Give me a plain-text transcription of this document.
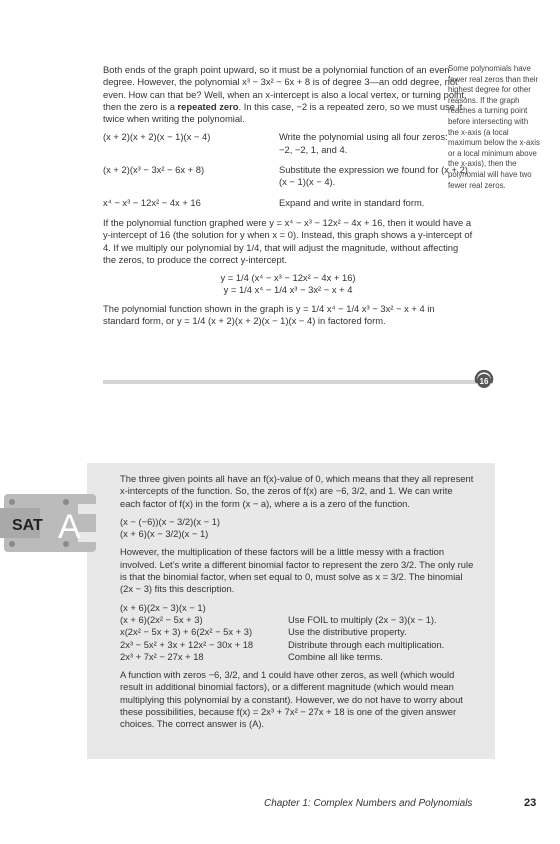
Both ends of the graph point upward, so it must be a polynomial function of an even degree. However, the polynomial x³ − 3x² − 6x + 8 is of degree 3—an odd degree, not even. How can that be? Well, when an x-intercept is also a local vertex, or turning point, then the zero is a repeated zero. In this case, −2 is a repeated zero, so we must use it twice when writing the polynomial.

(x + 2)(x + 2)(x − 1)(x − 4)	Write the polynomial using all four zeros:
−2, −2, 1, and 4.
(x + 2)(x³ − 3x² − 6x + 8)	Substitute the expression we found for (x + 2)(x − 1)(x − 4).
x⁴ − x³ − 12x² − 4x + 16	Expand and write in standard form.

If the polynomial function graphed were y = x⁴ − x³ − 12x² − 4x + 16, then it would have a y-intercept of 16 (the solution for y when x = 0). Instead, this graph shows a y-intercept of 4. If we multiply our polynomial by 1/4, that will adjust the magnitude, without affecting the zeros, to produce the correct y-intercept.

y = 1/4 (x⁴ − x³ − 12x² − 4x + 16)
y = 1/4 x⁴ − 1/4 x³ − 3x² − x + 4

The polynomial function shown in the graph is y = 1/4 x⁴ − 1/4 x³ − 3x² − x + 4 in standard form, or y = 1/4 (x + 2)(x + 2)(x − 1)(x − 4) in factored form.

Some polynomials have fewer real zeros than their highest degree for other reasons. If the graph reaches a turning point before intersecting with the x-axis (a local maximum below the x-axis or a local minimum above the x-axis), then the polynomial will have two fewer real zeros.
16
SAT A

The three given points all have an f(x)-value of 0, which means that they all represent x-intercepts of the function. So, the zeros of f(x) are −6, 3/2, and 1. We can write each factor of f(x) in the form (x − a), where a is a zero of the function.

(x − (−6))(x − 3/2)(x − 1)
(x + 6)(x − 3/2)(x − 1)

However, the multiplication of these factors will be a little messy with a fraction involved. Let’s write a different binomial factor to represent the zero 3/2. The only rule is that the binomial factor, when set equal to 0, must solve as x = 3/2. The binomial (2x − 3) fits this description.

(x + 6)(2x − 3)(x − 1)
(x + 6)(2x² − 5x + 3)	Use FOIL to multiply (2x − 3)(x − 1).
x(2x² − 5x + 3) + 6(2x² − 5x + 3)	Use the distributive property.
2x³ − 5x² + 3x + 12x² − 30x + 18	Distribute through each multiplication.
2x³ + 7x² − 27x + 18	Combine all like terms.

A function with zeros −6, 3/2, and 1 could have other zeros, as well (which would result in additional binomial factors), or a different magnitude (which would mean multiplying this polynomial by a constant). However, we do not have to worry about these possibilities, because f(x) = 2x³ + 7x² − 27x + 18 is one of the given answer choices. The correct answer is (A).

Chapter 1: Complex Numbers and Polynomials	23
